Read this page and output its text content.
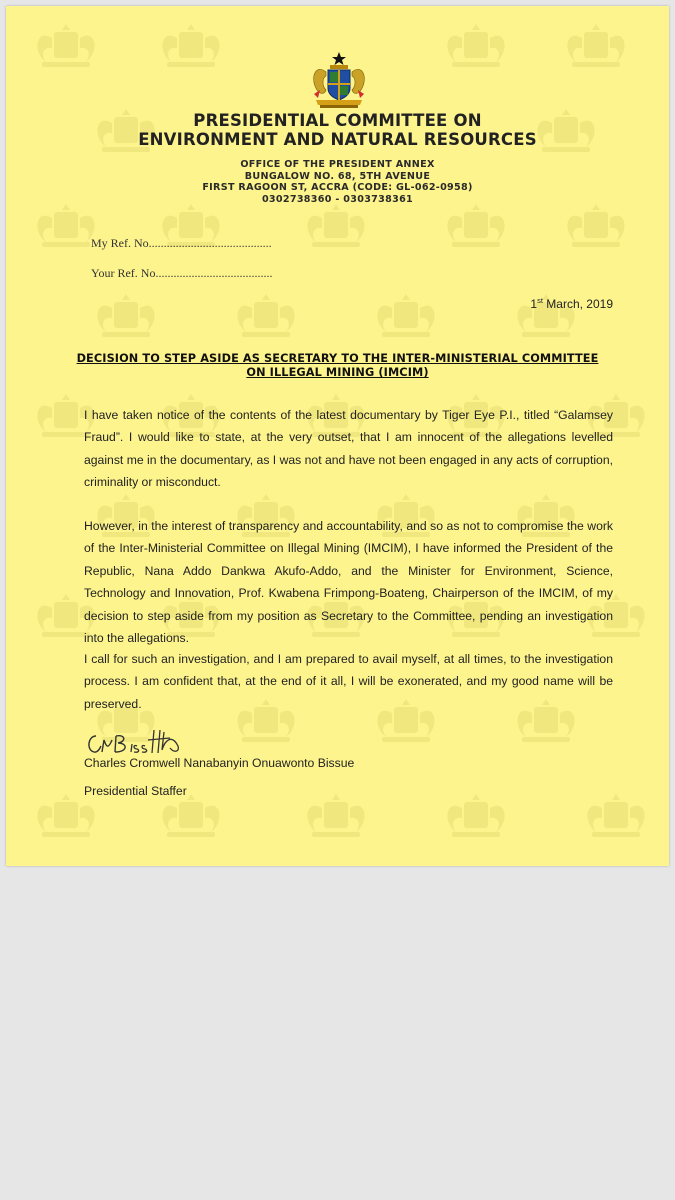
PRESIDENTIAL COMMITTEE ON
ENVIRONMENT AND NATURAL RESOURCES
OFFICE OF THE PRESIDENT ANNEX
BUNGALOW NO. 68, 5TH AVENUE
FIRST RAGOON ST, ACCRA (CODE: GL-062-0958)
0302738360 - 0303738361
My Ref. No.........................................
Your Ref. No.......................................
1st March, 2019
DECISION TO STEP ASIDE AS SECRETARY TO THE INTER-MINISTERIAL COMMITTEE
ON ILLEGAL MINING (IMCIM)

I have taken notice of the contents of the latest documentary by Tiger Eye P.I., titled “Galamsey Fraud”. I would like to state, at the very outset, that I am innocent of the allegations levelled against me in the documentary, as I was not and have not been engaged in any acts of corruption, criminality or misconduct.

However, in the interest of transparency and accountability, and so as not to compromise the work of the Inter-Ministerial Committee on Illegal Mining (IMCIM), I have informed the President of the Republic, Nana Addo Dankwa Akufo-Addo, and the Minister for Environment, Science, Technology and Innovation, Prof. Kwabena Frimpong-Boateng, Chairperson of the IMCIM, of my decision to step aside from my position as Secretary to the Committee, pending an investigation into the allegations.

I call for such an investigation, and I am prepared to avail myself, at all times, to the investigation process. I am confident that, at the end of it all, I will be exonerated, and my good name will be preserved.

Charles Cromwell Nanabanyin Onuawonto Bissue
Presidential Staffer
